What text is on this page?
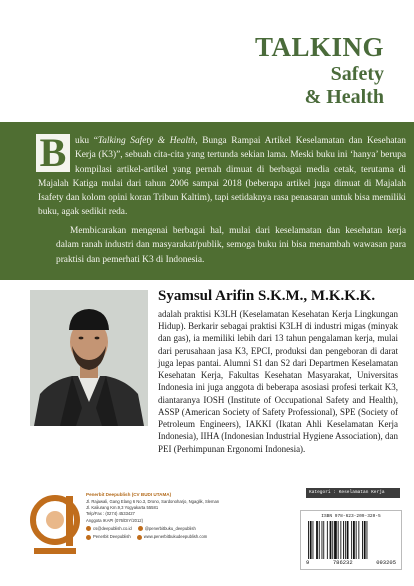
TALKING
Safety
& Health

B uku “Talking Safety & Health, Bunga Rampai Artikel Keselamatan dan Kesehatan Kerja (K3)”, sebuah cita-cita yang tertunda sekian lama. Meski buku ini ‘hanya’ berupa kompilasi artikel-artikel yang pernah dimuat di berbagai media cetak, terutama di Majalah Katiga mulai dari tahun 2006 sampai 2018 (beberapa artikel juga dimuat di Majalah Isafety dan kolom opini koran Tribun Kaltim), tapi setidaknya rasa penasaran untuk bisa memiliki buku, agak sedikit reda.

Membicarakan mengenai berbagai hal, mulai dari keselamatan dan kesehatan kerja dalam ranah industri dan masyarakat/publik, semoga buku ini bisa menambah wawasan para praktisi dan pemerhati K3 di Indonesia.

Syamsul Arifin S.K.M., M.K.K.K.

adalah praktisi K3LH (Keselamatan Kesehatan Kerja Lingkungan Hidup). Berkarir sebagai praktisi K3LH di industri migas (minyak dan gas), ia memiliki lebih dari 13 tahun pengalaman kerja, mulai dari perusahaan jasa K3, EPCI, produksi dan pengeboran di darat juga lepas pantai. Alumni S1 dan S2 dari Departmen Keselamatan Kesehatan Kerja, Fakultas Kesehatan Masyarakat, Universitas Indonesia ini juga anggota di beberapa asosiasi profesi terkait K3, diantaranya IOSH (Institute of Occupational Safety and Health), ASSP (American Society of Safety Professional), SPE (Society of Petroleum Engineers), IAKKI (Ikatan Ahli Keselamatan Kerja Indonesia), IIHA (Indonesian Industrial Hygiene Association), dan PEI (Perhimpunan Ergonomi Indonesia).

Penerbit Deepublish (CV BUDI UTAMA)
Jl. Rajawali, Gang Elang 6 No.3, Drono, Sardonoharjo, Ngaglik, Sleman
Jl. Kaliurang Km.9,3 Yogyakarta 55581
Telp/Fax : (0274) 4533427
Anggota IKAPI (076/DIY/2012)
cs@deepublish.co.id	@penerbitbuku_deepublish
Penerbit Deepublish	www.penerbitbukudeepublish.com
Kategori : Keselamatan Kerja
ISBN 978-623-209-320-5
9	786232	093205
